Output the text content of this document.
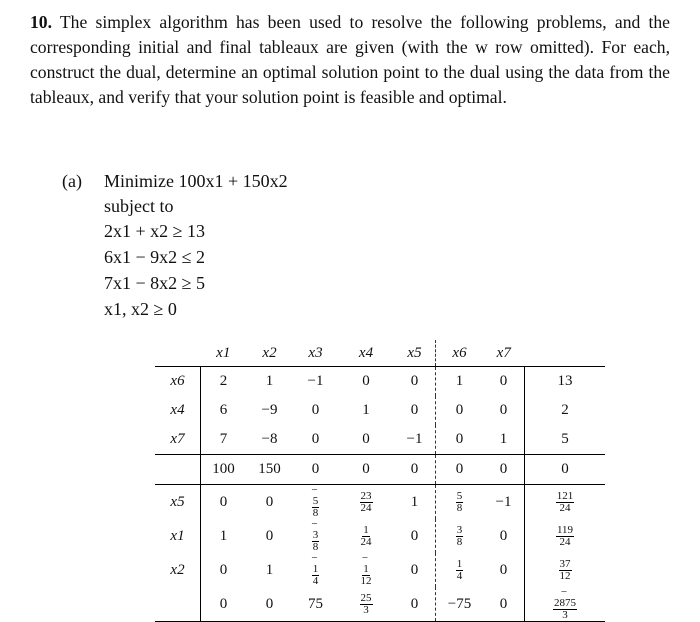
10. The simplex algorithm has been used to resolve the following problems, and the corresponding initial and final tableaux are given (with the w row omitted). For each, construct the dual, determine an optimal solution point to the dual using the data from the tableaux, and verify that your solution point is feasible and optimal.
(a) Minimize 100x1 + 150x2
subject to
2x1 + x2 ≥ 13
6x1 − 9x2 ≤ 2
7x1 − 8x2 ≥ 5
x1, x2 ≥ 0
	x1	x2	x3	x4	x5	x6	x7	
x6	2	1	−1	0	0	1	0	13
x4	6	−9	0	1	0	0	0	2
x7	7	−8	0	0	−1	0	1	5
	100	150	0	0	0	0	0	0
x5	0	0	− $\frac{5}{8}$	$\frac{23}{24}$	1	$\frac{5}{8}$	−1	$\frac{121}{24}$

x1	1	0	− $\frac{3}{8}$	$\frac{1}{24}$	0	$\frac{3}{8}$	0	$\frac{119}{24}$

x2	0	1	− $\frac{1}{4}$	− $\frac{1}{12}$	0	$\frac{1}{4}$	0	$\frac{37}{12}$

	0	0	75	$\frac{25}{3}$	0	−75	0	− $\frac{2875}{3}$
